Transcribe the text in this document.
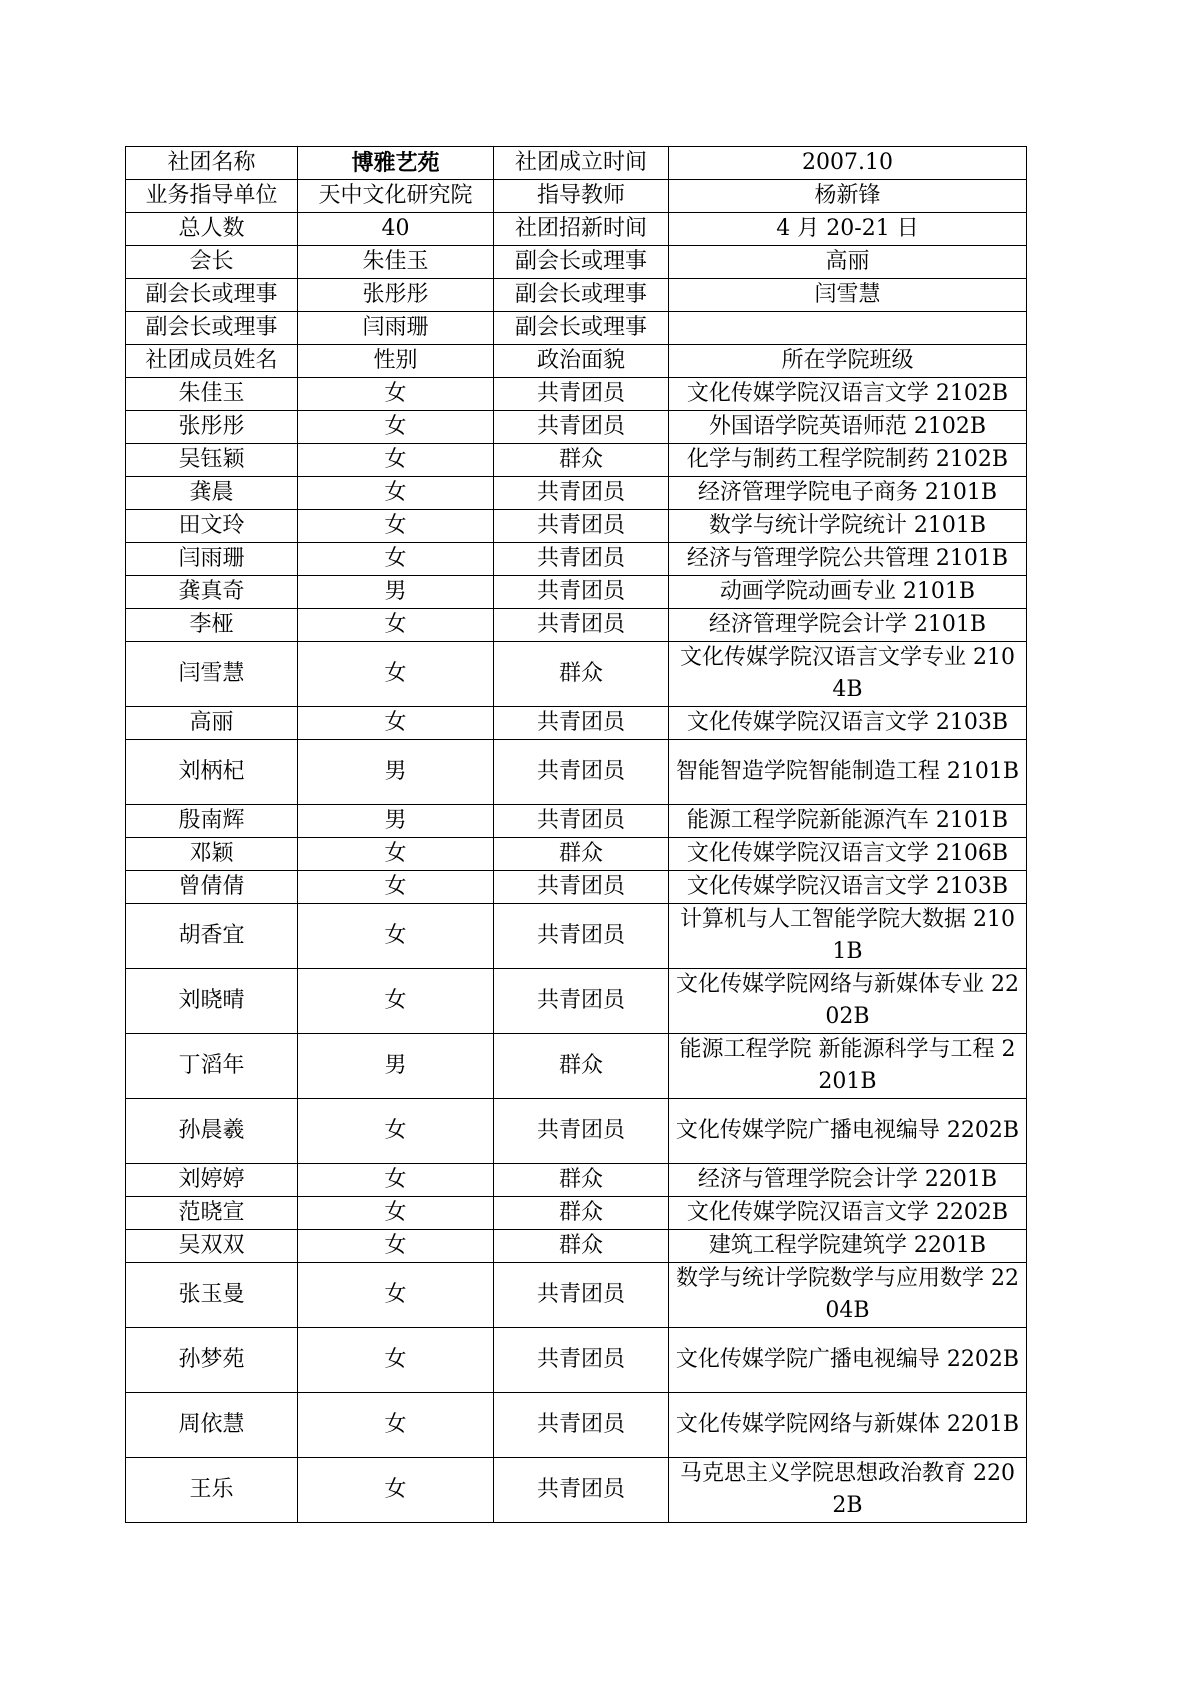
社团名称	博雅艺苑	社团成立时间	2007.10
业务指导单位	天中文化研究院	指导教师	杨新锋
总人数	40	社团招新时间	4 月 20-21 日
会长	朱佳玉	副会长或理事	高丽
副会长或理事	张彤彤	副会长或理事	闫雪慧
副会长或理事	闫雨珊	副会长或理事	
社团成员姓名	性别	政治面貌	所在学院班级
朱佳玉	女	共青团员	文化传媒学院汉语言文学 2102B
张彤彤	女	共青团员	外国语学院英语师范 2102B
吴钰颖	女	群众	化学与制药工程学院制药 2102B
龚晨	女	共青团员	经济管理学院电子商务 2101B
田文玲	女	共青团员	数学与统计学院统计 2101B
闫雨珊	女	共青团员	经济与管理学院公共管理 2101B
龚真奇	男	共青团员	动画学院动画专业 2101B
李桠	女	共青团员	经济管理学院会计学 2101B
闫雪慧	女	群众	文化传媒学院汉语言文学专业 2104B
高丽	女	共青团员	文化传媒学院汉语言文学 2103B
刘柄杞	男	共青团员	智能智造学院智能制造工程 2101B
殷南辉	男	共青团员	能源工程学院新能源汽车 2101B
邓颖	女	群众	文化传媒学院汉语言文学 2106B
曾倩倩	女	共青团员	文化传媒学院汉语言文学 2103B
胡香宜	女	共青团员	计算机与人工智能学院大数据 2101B
刘晓晴	女	共青团员	文化传媒学院网络与新媒体专业 2202B
丁滔年	男	群众	能源工程学院 新能源科学与工程 2201B
孙晨羲	女	共青团员	文化传媒学院广播电视编导 2202B
刘婷婷	女	群众	经济与管理学院会计学 2201B
范晓宣	女	群众	文化传媒学院汉语言文学 2202B
吴双双	女	群众	建筑工程学院建筑学 2201B
张玉曼	女	共青团员	数学与统计学院数学与应用数学 2204B
孙梦苑	女	共青团员	文化传媒学院广播电视编导 2202B
周依慧	女	共青团员	文化传媒学院网络与新媒体 2201B
王乐	女	共青团员	马克思主义学院思想政治教育 2202B
